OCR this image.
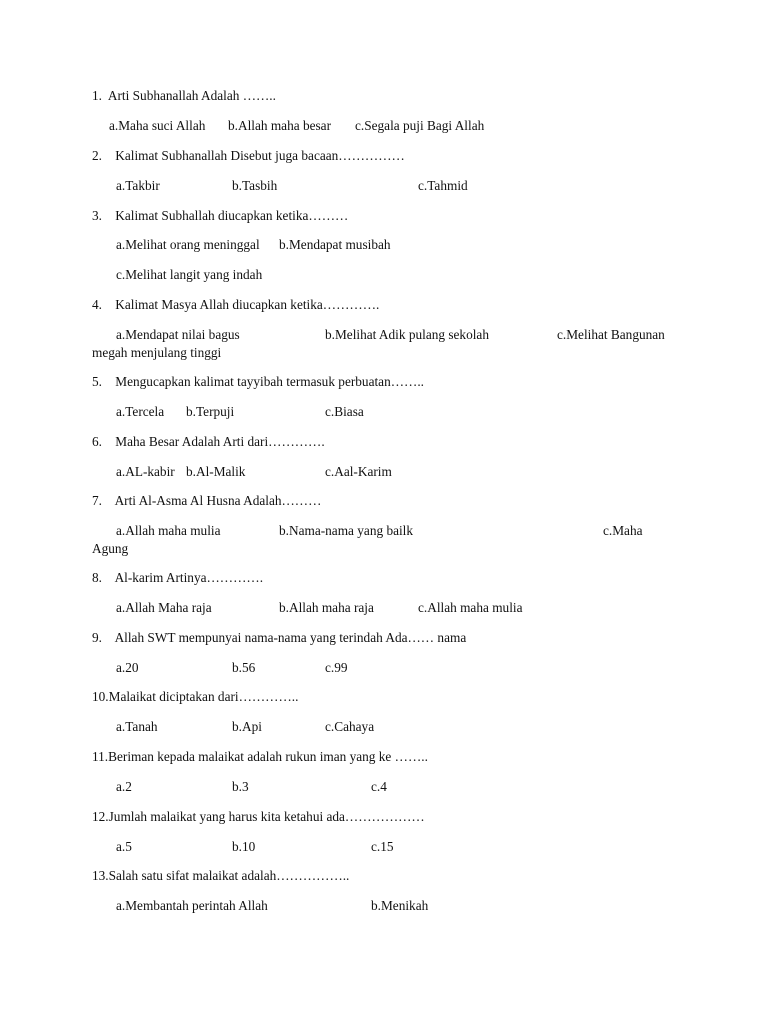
1. Arti Subhanallah Adalah ……..
a.Maha suci Allah b.Allah maha besar c.Segala puji Bagi Allah
2. Kalimat Subhanallah Disebut juga bacaan……………
a.Takbir	b.Tasbih	c.Tahmid
3. Kalimat Subhallah diucapkan ketika………
a.Melihat orang meninggal b.Mendapat musibah
c.Melihat langit yang indah
4. Kalimat Masya Allah diucapkan ketika………….
a.Mendapat nilai bagus	b.Melihat Adik pulang sekolah	c.Melihat Bangunan
megah menjulang tinggi
5. Mengucapkan kalimat tayyibah termasuk perbuatan……..
a.Tercela b.Terpuji	c.Biasa
6. Maha Besar Adalah Arti dari………….
a.AL-kabir b.Al-Malik	c.Aal-Karim
7. Arti Al-Asma Al Husna Adalah………
a.Allah maha mulia	b.Nama-nama yang bailk	c.Maha
Agung
8. Al-karim Artinya………….
a.Allah Maha raja	b.Allah maha raja	c.Allah maha mulia
9. Allah SWT mempunyai nama-nama yang terindah Ada…… nama
a.20	b.56	c.99
10.Malaikat diciptakan dari…………..
a.Tanah	b.Api	c.Cahaya
11.Beriman kepada malaikat adalah rukun iman yang ke ……..
a.2	b.3	c.4
12.Jumlah malaikat yang harus kita ketahui ada………………
a.5	b.10	c.15
13.Salah satu sifat malaikat adalah……………..
a.Membantah perintah Allah	b.Menikah
